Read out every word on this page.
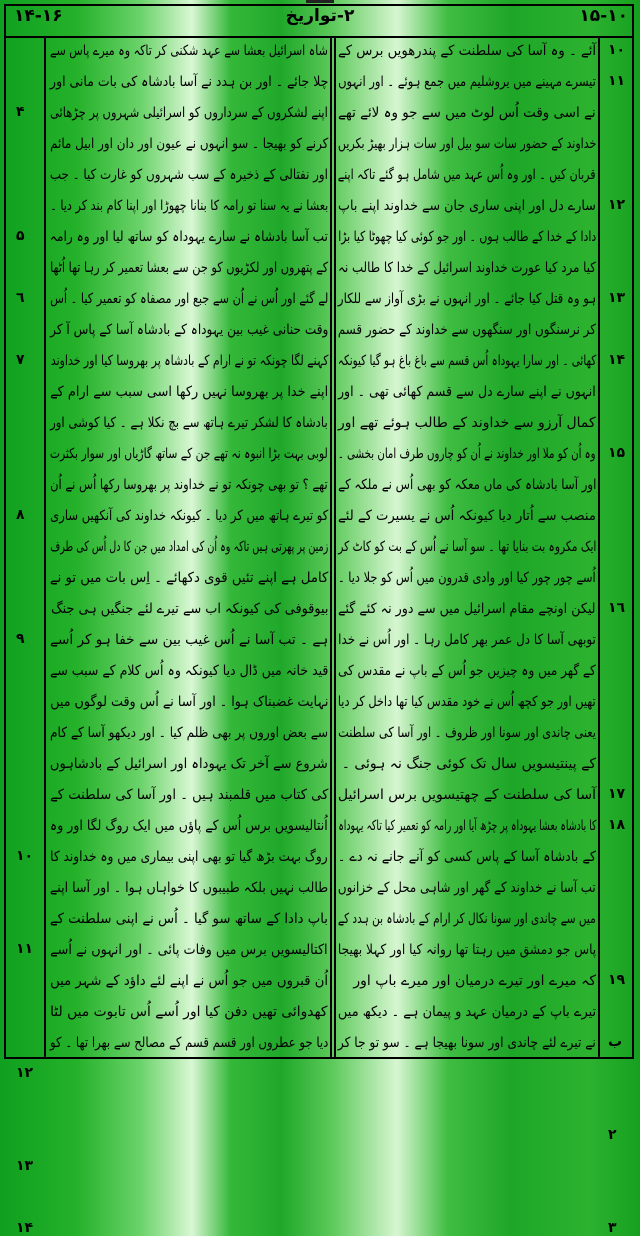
١۶-١۴	٢-تواریخ	١٠-١۵
آئے ۔ وہ آسا کی سلطنت کے پندرھویں برس کے
تیسرے مہینے میں یروشلیم میں جمع ہوئے ۔ اور انہوں
نے اسی وقت اُس لوٹ میں سے جو وہ لائے تھے
خداوند کے حضور سات سو بیل اور سات ہزار بھیڑ بکریں
قربان کیں ۔ اور وہ اُس عہد میں شامل ہو گئے تاکہ اپنے
سارے دل اور اپنی ساری جان سے خداوند اپنے باپ
دادا کے خدا کے طالب ہوں ۔ اور جو کوئی کیا چھوٹا کیا بڑا
کیا مرد کیا عورت خداوند اسرائیل کے خدا کا طالب نہ
ہو وہ قتل کیا جائے ۔ اور انہوں نے بڑی آواز سے للکار
کر نرسنگوں اور سنگھوں سے خداوند کے حضور قسم
کھائی ۔ اور سارا یہوداہ اُس قسم سے باغ باغ ہو گیا کیونکہ
انہوں نے اپنے سارے دل سے قسم کھائی تھی ۔ اور
کمال آرزو سے خداوند کے طالب ہوئے تھے اور
وہ اُن کو ملا اور خداوند نے اُن کو چاروں طرف امان بخشی ۔
اور آسا بادشاہ کی ماں معکہ کو بھی اُس نے ملکہ کے
منصب سے اُتار دیا کیونکہ اُس نے یسیرت کے لئے
ایک مکروہ بت بنایا تھا ۔ سو آسا نے اُس کے بت کو کاٹ کر
اُسے چور چور کیا اور وادی قدرون میں اُس کو جلا دیا ۔
لیکن اونچے مقام اسرائیل میں سے دور نہ کئے گئے
توبھی آسا کا دل عمر بھر کامل رہا ۔ اور اُس نے خدا
کے گھر میں وہ چیزیں جو اُس کے باپ نے مقدس کی
تھیں اور جو کچھ اُس نے خود مقدس کیا تھا داخل کر دیا
یعنی چاندی اور سونا اور ظروف ۔ اور آسا کی سلطنت
کے پینتیسویں سال تک کوئی جنگ نہ ہوئی ۔
آسا کی سلطنت کے چھتیسویں برس اسرائیل
کا بادشاہ بعشا یہوداہ پر چڑھ آیا اور رامہ کو تعمیر کیا تاکہ یہوداہ
کے بادشاہ آسا کے پاس کسی کو آنے جانے نہ دے ۔
تب آسا نے خداوند کے گھر اور شاہی محل کے خزانوں
میں سے چاندی اور سونا نکال کر ارام کے بادشاہ بن ہدد کے
پاس جو دمشق میں رہتا تھا روانہ کیا اور کہلا بھیجا
کہ میرے اور تیرے درمیان اور میرے باپ اور
تیرے باپ کے درمیان عہد و پیمان ہے ۔ دیکھ میں
نے تیرے لئے چاندی اور سونا بھیجا ہے ۔ سو تو جا کر
شاہ اسرائیل بعشا سے عہد شکنی کر تاکہ وہ میرے پاس سے
چلا جائے ۔ اور بن ہدد نے آسا بادشاہ کی بات مانی اور
اپنے لشکروں کے سرداروں کو اسرائیلی شہروں پر چڑھائی
کرنے کو بھیجا ۔ سو انہوں نے عیون اور دان اور ابیل مائم
اور نفتالی کے ذخیرہ کے سب شہروں کو غارت کیا ۔ جب
بعشا نے یہ سنا تو رامہ کا بنانا چھوڑا اور اپنا کام بند کر دیا ۔
تب آسا بادشاہ نے سارے یہوداہ کو ساتھ لیا اور وہ رامہ
کے پتھروں اور لکڑیوں کو جن سے بعشا تعمیر کر رہا تھا اُٹھا
لے گئے اور اُس نے اُن سے جبع اور مصفاہ کو تعمیر کیا ۔ اُس
وقت حنانی غیب بین یہوداہ کے بادشاہ آسا کے پاس آ کر
کہنے لگا چونکہ تو نے ارام کے بادشاہ پر بھروسا کیا اور خداوند
اپنے خدا پر بھروسا نہیں رکھا اسی سبب سے ارام کے
بادشاہ کا لشکر تیرے ہاتھ سے بچ نکلا ہے ۔ کیا کوشی اور
لوبی بہت بڑا انبوہ نہ تھے جن کے ساتھ گاڑیاں اور سوار بکثرت
تھے ؟ تو بھی چونکہ تو نے خداوند پر بھروسا رکھا اُس نے اُن
کو تیرے ہاتھ میں کر دیا ۔ کیونکہ خداوند کی آنکھیں ساری
زمین پر پھرتی ہیں تاکہ وہ اُن کی امداد میں جن کا دل اُس کی طرف
کامل ہے اپنے تئیں قوی دکھائے ۔ اِس بات میں تو نے
بیوقوفی کی کیونکہ اب سے تیرے لئے جنگیں ہی جنگ
ہے ۔ تب آسا نے اُس غیب بین سے خفا ہو کر اُسے
قید خانہ میں ڈال دیا کیونکہ وہ اُس کلام کے سبب سے
نہایت غضبناک ہوا ۔ اور آسا نے اُس وقت لوگوں میں
سے بعض اوروں پر بھی ظلم کیا ۔ اور دیکھو آسا کے کام
شروع سے آخر تک یہوداہ اور اسرائیل کے بادشاہوں
کی کتاب میں قلمبند ہیں ۔ اور آسا کی سلطنت کے
اُنتالیسویں برس اُس کے پاؤں میں ایک روگ لگا اور وہ
روگ بہت بڑھ گیا تو بھی اپنی بیماری میں وہ خداوند کا
طالب نہیں بلکہ طبیبوں کا خواہاں ہوا ۔ اور آسا اپنے
باپ دادا کے ساتھ سو گیا ۔ اُس نے اپنی سلطنت کے
اکتالیسویں برس میں وفات پائی ۔ اور انہوں نے اُسے
اُن قبروں میں جو اُس نے اپنے لئے داؤد کے شہر میں
کھدوائی تھیں دفن کیا اور اُسے اُس تابوت میں لٹا
دیا جو عطروں اور قسم قسم کے مصالح سے بھرا تھا ۔ کو
١٠
١١
١٢
١٣
١۴
١۵
١٦
١٧
١٨
١٩
ب
٢
٣
۴
۵
٦
٧
٨
٩
١٠
١١
١٢
١٣
١۴
